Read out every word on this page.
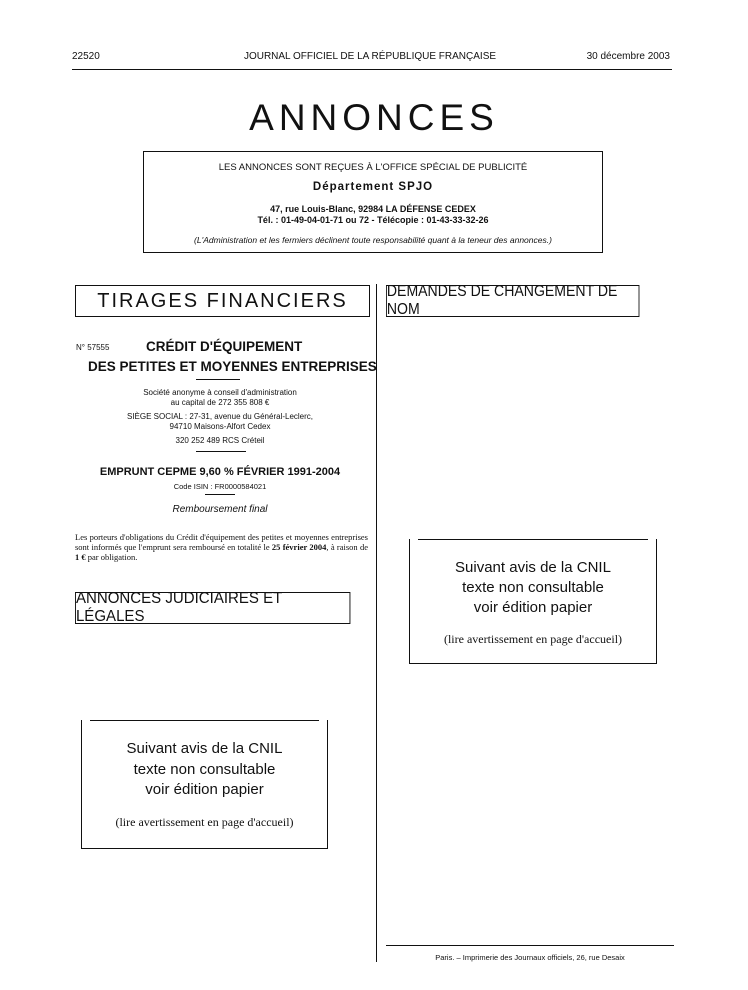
22520	JOURNAL OFFICIEL DE LA RÉPUBLIQUE FRANÇAISE	30 décembre 2003
ANNONCES
LES ANNONCES SONT REÇUES À L'OFFICE SPÉCIAL DE PUBLICITÉ
Département SPJO
47, rue Louis-Blanc, 92984 LA DÉFENSE CEDEX
Tél. : 01-49-04-01-71 ou 72 - Télécopie : 01-43-33-32-26
(L'Administration et les fermiers déclinent toute responsabilité quant à la teneur des annonces.)
TIRAGES FINANCIERS
N° 57555	CRÉDIT D'ÉQUIPEMENT
DES PETITES ET MOYENNES ENTREPRISES
Société anonyme à conseil d'administration
au capital de 272 355 808 €
SIÈGE SOCIAL : 27-31, avenue du Général-Leclerc,
94710 Maisons-Alfort Cedex
320 252 489 RCS Créteil
EMPRUNT CEPME 9,60 % FÉVRIER 1991-2004
Code ISIN : FR0000584021
Remboursement final
Les porteurs d'obligations du Crédit d'équipement des petites et moyennes entreprises sont informés que l'emprunt sera remboursé en totalité le 25 février 2004, à raison de 1 € par obligation.
ANNONCES JUDICIAIRES ET LÉGALES
Suivant avis de la CNIL
texte non consultable
voir édition papier
(lire avertissement en page d'accueil)
DEMANDES DE CHANGEMENT DE NOM
Suivant avis de la CNIL
texte non consultable
voir édition papier
(lire avertissement en page d'accueil)
Paris. – Imprimerie des Journaux officiels, 26, rue Desaix
